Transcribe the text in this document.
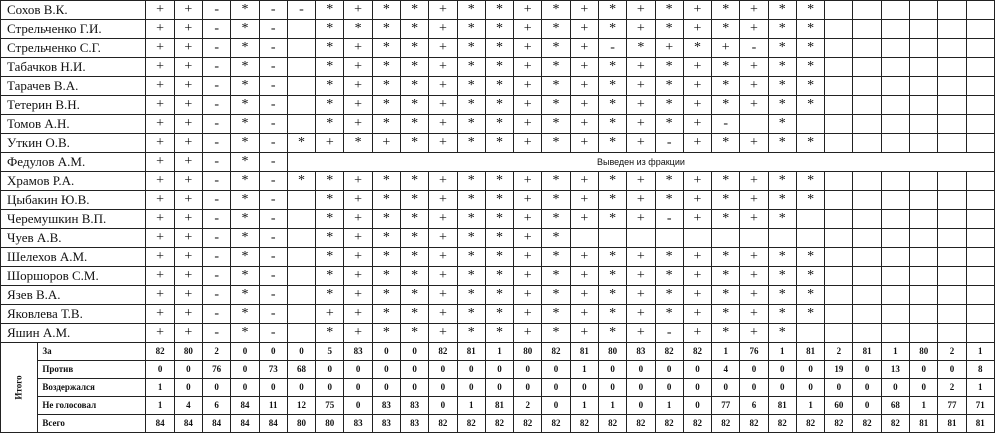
Сохов В.К.		+	+	-	*	-	-	*	+	*	*	+	*	*	+	*	+	*	+	*	+	*	+	*	*						
Стрельченко Г.И.		+	+	-	*	-		*	*	*	*	+	*	*	+	*	+	*	+	*	+	*	+	*	*						
Стрельченко С.Г.		+	+	-	*	-		*	+	*	*	+	*	*	+	*	+	-	*	+	*	+	-	*	*						
Табачков Н.И.		+	+	-	*	-		*	+	*	*	+	*	*	+	*	+	*	+	*	+	*	+	*	*						
Тарачев В.А.		+	+	-	*	-		*	+	*	*	+	*	*	+	*	+	*	+	*	+	*	+	*	*						
Тетерин В.Н.		+	+	-	*	-		*	+	*	*	+	*	*	+	*	+	*	+	*	+	*	+	*	*						
Томов А.Н.		+	+	-	*	-		*	+	*	*	+	*	*	+	*	+	*	+	*	+	-		*							
Уткин О.В.		+	+	-	*	-	*	+	*	+	*	+	*	*	+	*	+	*	+	-	+	*	+	*	*						
Федулов А.М.		+	+	-	*	-	Выведен из фракции																								
Храмов Р.А.		+	+	-	*	-	*	*	+	*	*	+	*	*	+	*	+	*	+	*	+	*	+	*	*						
Цыбакин Ю.В.		+	+	-	*	-		*	+	*	*	+	*	*	+	*	+	*	+	*	+	*	+	*	*						
Черемушкин В.П.		+	+	-	*	-		*	+	*	*	+	*	*	+	*	+	*	+	-	+	*	+	*							
Чуев А.В.		+	+	-	*	-		*	+	*	*	+	*	*	+	*															
Шелехов А.М.		+	+	-	*	-		*	+	*	*	+	*	*	+	*	+	*	+	*	+	*	+	*	*						
Шоршоров С.М.		+	+	-	*	-		*	+	*	*	+	*	*	+	*	+	*	+	*	+	*	+	*	*						
Язев В.А.		+	+	-	*	-		*	+	*	*	+	*	*	+	*	+	*	+	*	+	*	+	*	*						
Яковлева Т.В.		+	+	-	*	-		+	+	*	*	+	*	*	+	*	+	*	+	*	+	*	+	*	*						
Яшин А.М.		+	+	-	*	-		*	+	*	*	+	*	*	+	*	+	*	+	-	+	*	+	*							
Итого	За	82	80	2	0	0	0	5	83	0	0	82	81	1	80	82	81	80	83	82	82	1	76	1	81	2	81	1	80	2	1
	Против	0	0	76	0	73	68	0	0	0	0	0	0	0	0	0	1	0	0	0	0	4	0	0	0	19	0	13	0	0	8
	Воздержался	1	0	0	0	0	0	0	0	0	0	0	0	0	0	0	0	0	0	0	0	0	0	0	0	0	0	0	0	2	1
	Не голосовал	1	4	6	84	11	12	75	0	83	83	0	1	81	2	0	1	1	0	1	0	77	6	81	1	60	0	68	1	77	71
	Всего	84	84	84	84	84	80	80	83	83	83	82	82	82	82	82	82	82	82	82	82	82	82	82	82	82	82	82	81	81	81
